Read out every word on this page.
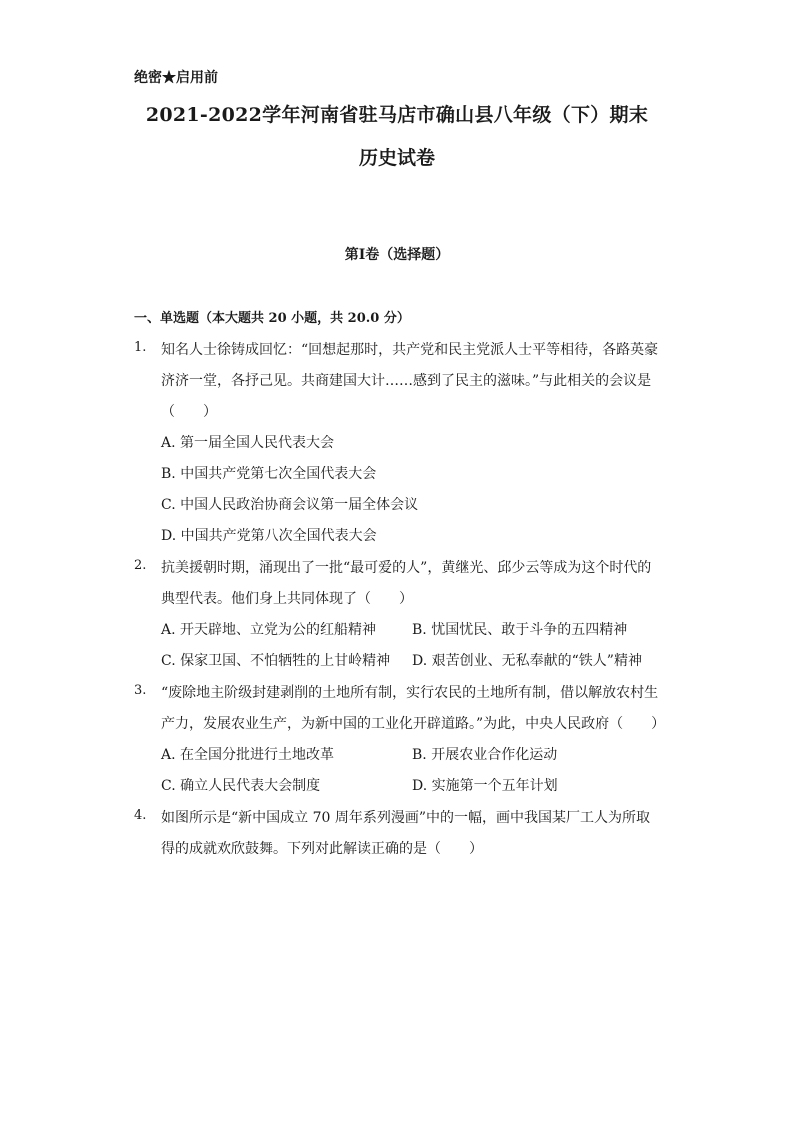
绝密★启用前
2021-2022学年河南省驻马店市确山县八年级（下）期末
历史试卷
第I卷（选择题）
一、单选题（本大题共 20 小题，共 20.0 分）
1. 知名人士徐铸成回忆：“回想起那时，共产党和民主党派人士平等相待，各路英豪
济济一堂，各抒己见。共商建国大计……感到了民主的滋味。”与此相关的会议是
（　　）
A. 第一届全国人民代表大会
B. 中国共产党第七次全国代表大会
C. 中国人民政治协商会议第一届全体会议
D. 中国共产党第八次全国代表大会
2. 抗美援朝时期，涌现出了一批“最可爱的人”，黄继光、邱少云等成为这个时代的
典型代表。他们身上共同体现了（　　）
A. 开天辟地、立党为公的红船精神	B. 忧国忧民、敢于斗争的五四精神
C. 保家卫国、不怕牺牲的上甘岭精神 D. 艰苦创业、无私奉献的“铁人”精神
3. “废除地主阶级封建剥削的土地所有制，实行农民的土地所有制，借以解放农村生
产力，发展农业生产，为新中国的工业化开辟道路。”为此，中央人民政府（　　）
A. 在全国分批进行土地改革	B. 开展农业合作化运动
C. 确立人民代表大会制度	D. 实施第一个五年计划
4. 如图所示是“新中国成立 70 周年系列漫画”中的一幅，画中我国某厂工人为所取
得的成就欢欣鼓舞。下列对此解读正确的是（　　）
